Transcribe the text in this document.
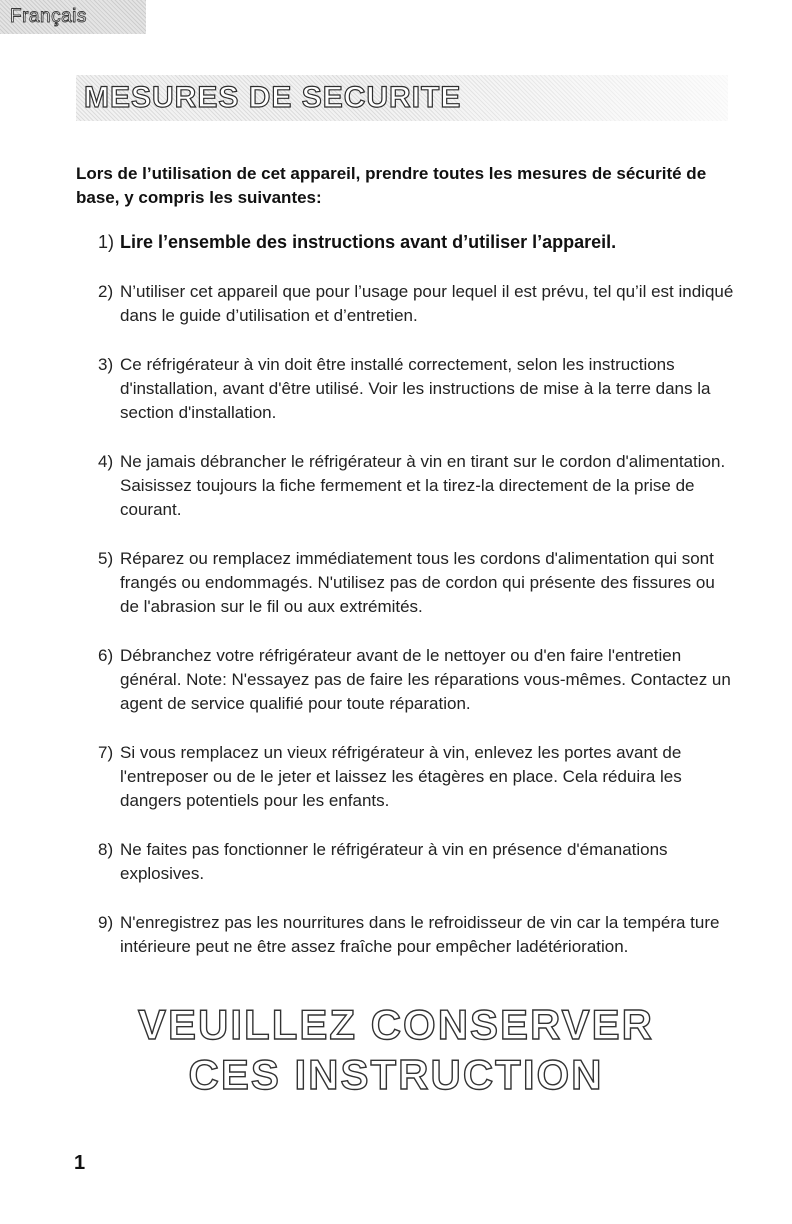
Français
MESURES DE SECURITE

Lors de l’utilisation de cet appareil, prendre toutes les mesures de sécurité de base, y compris les suivantes:

1) Lire l’ensemble des instructions avant d’utiliser l’appareil.
2) N’utiliser cet appareil que pour l’usage pour lequel il est prévu, tel qu’il est indiqué dans le guide d’utilisation et d’entretien.
3) Ce réfrigérateur à vin doit être installé correctement, selon les instructions d'installation, avant d'être utilisé. Voir les instructions de mise à la terre dans la section d'installation.
4) Ne jamais débrancher le réfrigérateur à vin en tirant sur le cordon d'alimentation. Saisissez toujours la fiche fermement et la tirez-la directement de la prise de courant.
5) Réparez ou remplacez immédiatement tous les cordons d'alimentation qui sont frangés ou endommagés. N'utilisez pas de cordon qui présente des fissures ou de l'abrasion sur le fil ou aux extrémités.
6) Débranchez votre réfrigérateur avant de le nettoyer ou d'en faire l'entretien général. Note: N'essayez pas de faire les réparations vous-mêmes. Contactez un agent de service qualifié pour toute réparation.
7) Si vous remplacez un vieux réfrigérateur à vin, enlevez les portes avant de l'entreposer ou de le jeter et laissez les étagères en place. Cela réduira les dangers potentiels pour les enfants.
8) Ne faites pas fonctionner le réfrigérateur à vin en présence d'émanations explosives.
9) N'enregistrez pas les nourritures dans le refroidisseur de vin car la tempéra ture intérieure peut ne être assez fraîche pour empêcher ladétérioration.
VEUILLEZ CONSERVER
CES INSTRUCTION
1
